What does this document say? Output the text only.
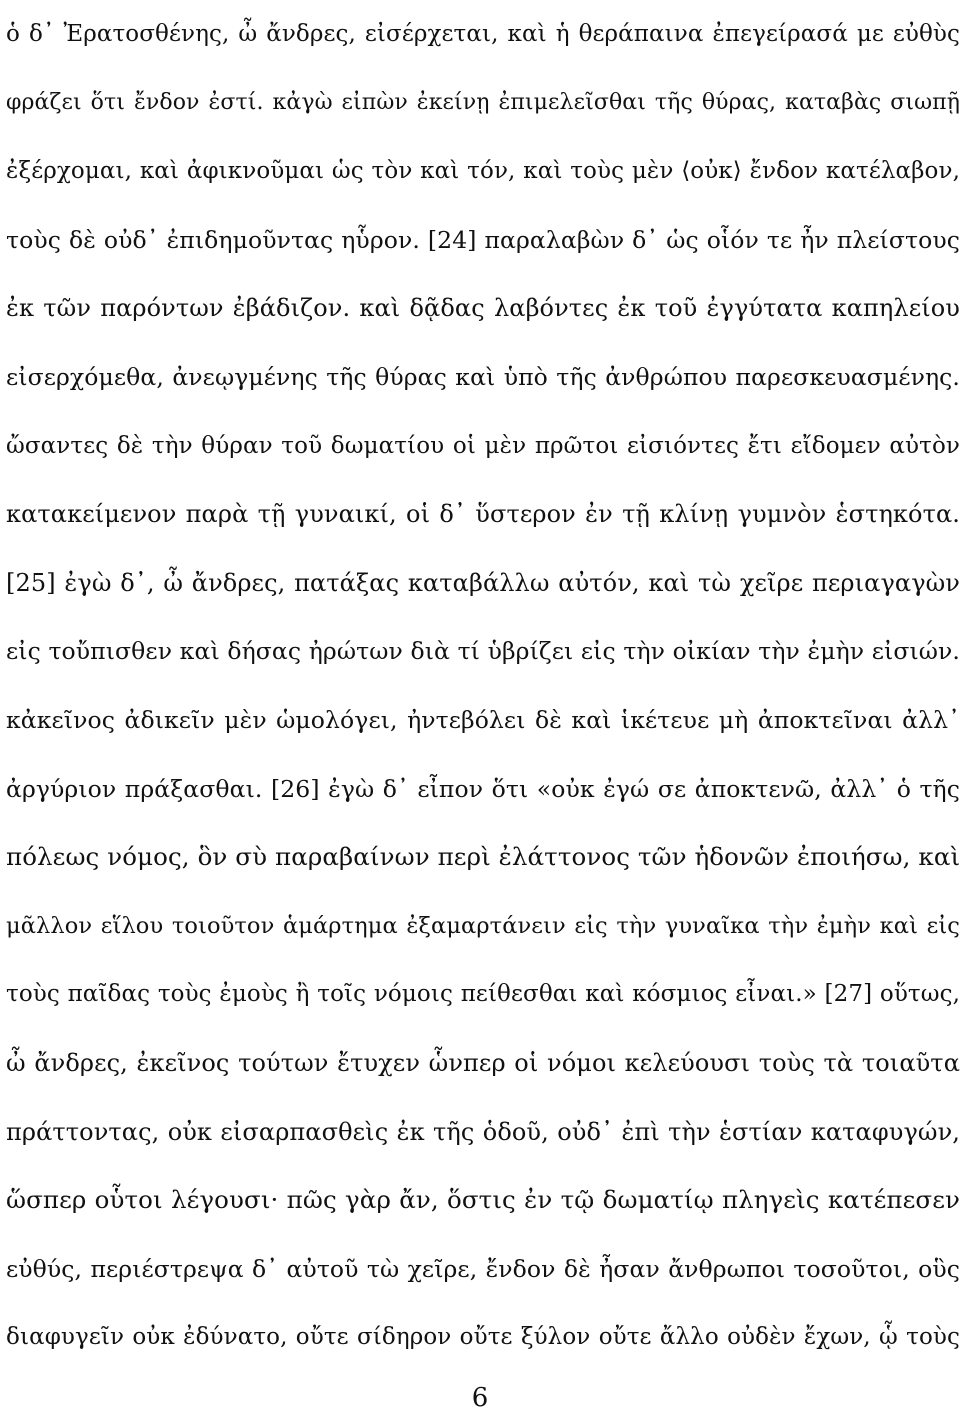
ὁ δ᾽ Ἐρατοσθένης, ὦ ἄνδρες, εἰσέρχεται, καὶ ἡ θεράπαινα ἐπεγείρασά με εὐθὺς
φράζει ὅτι ἔνδον ἐστί. κἀγὼ εἰπὼν ἐκείνῃ ἐπιμελεῖσθαι τῆς θύρας, καταβὰς σιωπῇ
ἐξέρχομαι, καὶ ἀφικνοῦμαι ὡς τὸν καὶ τόν, καὶ τοὺς μὲν ⟨οὐκ⟩ ἔνδον κατέλαβον,
τοὺς δὲ οὐδ᾽ ἐπιδημοῦντας ηὗρον. [24] παραλαβὼν δ᾽ ὡς οἷόν τε ἦν πλείστους
ἐκ τῶν παρόντων ἐβάδιζον. καὶ δᾷδας λαβόντες ἐκ τοῦ ἐγγύτατα καπηλείου
εἰσερχόμεθα, ἀνεῳγμένης τῆς θύρας καὶ ὑπὸ τῆς ἀνθρώπου παρεσκευασμένης.
ὤσαντες δὲ τὴν θύραν τοῦ δωματίου οἱ μὲν πρῶτοι εἰσιόντες ἔτι εἴδομεν αὐτὸν
κατακείμενον παρὰ τῇ γυναικί, οἱ δ᾽ ὕστερον ἐν τῇ κλίνῃ γυμνὸν ἑστηκότα.
[25] ἐγὼ δ᾽, ὦ ἄνδρες, πατάξας καταβάλλω αὐτόν, καὶ τὼ χεῖρε περιαγαγὼν
εἰς τοὔπισθεν καὶ δήσας ἠρώτων διὰ τί ὑβρίζει εἰς τὴν οἰκίαν τὴν ἐμὴν εἰσιών.
κἀκεῖνος ἀδικεῖν μὲν ὡμολόγει, ἠντεβόλει δὲ καὶ ἱκέτευε μὴ ἀποκτεῖναι ἀλλ᾽
ἀργύριον πράξασθαι. [26] ἐγὼ δ᾽ εἶπον ὅτι «οὐκ ἐγώ σε ἀποκτενῶ, ἀλλ᾽ ὁ τῆς
πόλεως νόμος, ὃν σὺ παραβαίνων περὶ ἐλάττονος τῶν ἡδονῶν ἐποιήσω, καὶ
μᾶλλον εἵλου τοιοῦτον ἁμάρτημα ἐξαμαρτάνειν εἰς τὴν γυναῖκα τὴν ἐμὴν καὶ εἰς
τοὺς παῖδας τοὺς ἐμοὺς ἢ τοῖς νόμοις πείθεσθαι καὶ κόσμιος εἶναι.» [27] οὕτως,
ὦ ἄνδρες, ἐκεῖνος τούτων ἔτυχεν ὧνπερ οἱ νόμοι κελεύουσι τοὺς τὰ τοιαῦτα
πράττοντας, οὐκ εἰσαρπασθεὶς ἐκ τῆς ὁδοῦ, οὐδ᾽ ἐπὶ τὴν ἑστίαν καταφυγών,
ὥσπερ οὗτοι λέγουσι· πῶς γὰρ ἄν, ὅστις ἐν τῷ δωματίῳ πληγεὶς κατέπεσεν
εὐθύς, περιέστρεψα δ᾽ αὐτοῦ τὼ χεῖρε, ἔνδον δὲ ἦσαν ἄνθρωποι τοσοῦτοι, οὓς
διαφυγεῖν οὐκ ἐδύνατο, οὔτε σίδηρον οὔτε ξύλον οὔτε ἄλλο οὐδὲν ἔχων, ᾧ τοὺς
6
